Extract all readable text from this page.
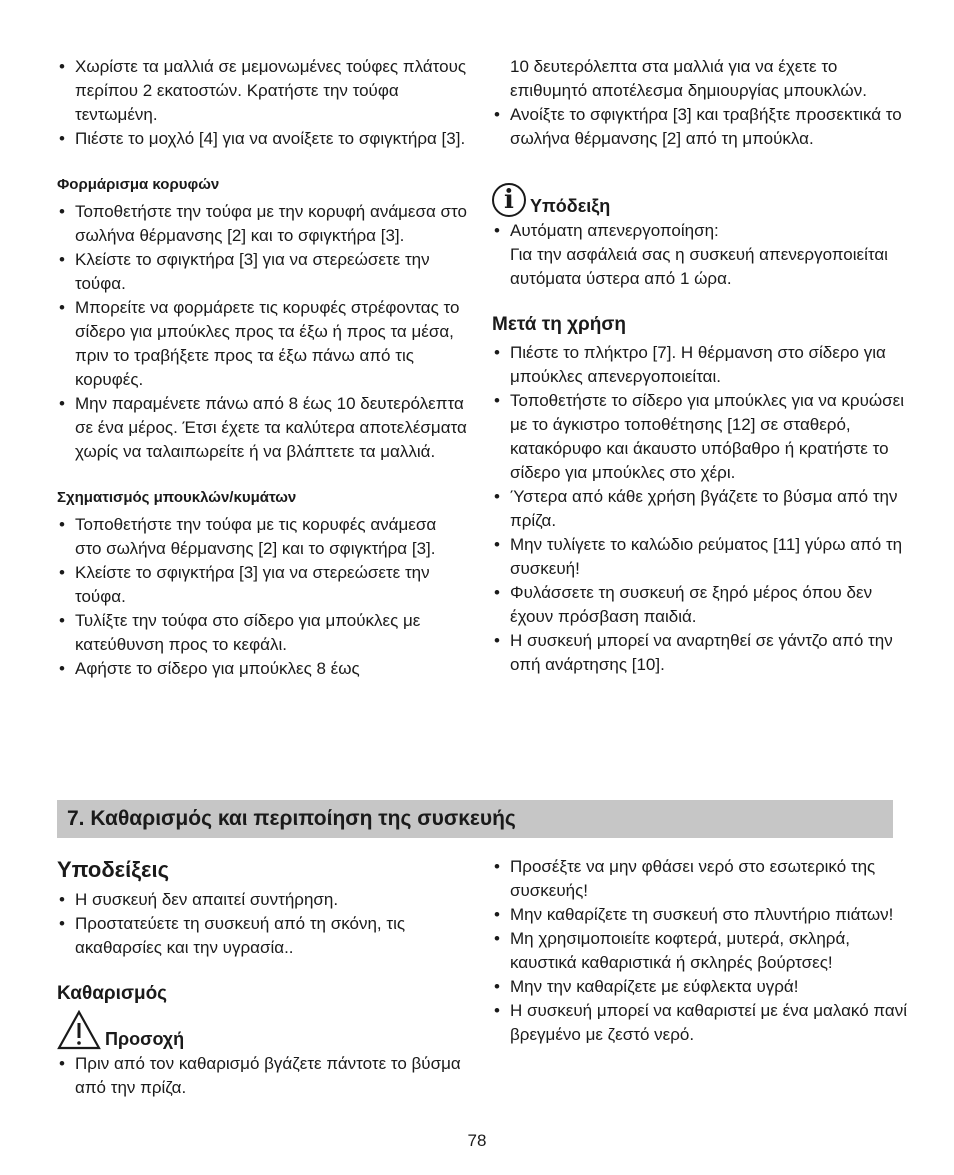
• Χωρίστε τα μαλλιά σε μεμονωμένες τούφες πλάτους περίπου 2 εκατοστών. Κρατήστε την τούφα τεντωμένη.
• Πιέστε το μοχλό [4] για να ανοίξετε το σφιγκτήρα [3].
Φορμάρισμα κορυφών
• Τοποθετήστε την τούφα με την κορυφή ανάμεσα στο σωλήνα θέρμανσης [2] και το σφιγκτήρα [3].
• Κλείστε το σφιγκτήρα [3] για να στερεώσετε την τούφα.
• Μπορείτε να φορμάρετε τις κορυφές στρέφοντας το σίδερο για μπούκλες προς τα έξω ή προς τα μέσα, πριν το τραβήξετε προς τα έξω πάνω από τις κορυφές.
• Μην παραμένετε πάνω από 8 έως 10 δευτερόλεπτα σε ένα μέρος. Έτσι έχετε τα καλύτερα αποτελέσματα χωρίς να ταλαιπωρείτε ή να βλάπτετε τα μαλλιά.
Σχηματισμός μπουκλών/κυμάτων
• Τοποθετήστε την τούφα με τις κορυφές ανάμεσα στο σωλήνα θέρμανσης [2] και το σφιγκτήρα [3].
• Κλείστε το σφιγκτήρα [3] για να στερεώσετε την τούφα.
• Τυλίξτε την τούφα στο σίδερο για μπούκλες με κατεύθυνση προς το κεφάλι.
• Αφήστε το σίδερο για μπούκλες 8 έως
10 δευτερόλεπτα στα μαλλιά για να έχετε το επιθυμητό αποτέλεσμα δημιουργίας μπουκλών.
• Ανοίξτε το σφιγκτήρα [3] και τραβήξτε προσεκτικά το σωλήνα θέρμανσης [2] από τη μπούκλα.
i Υπόδειξη
• Αυτόματη απενεργοποίηση:
Για την ασφάλειά σας η συσκευή απενεργοποιείται αυτόματα ύστερα από 1 ώρα.
Μετά τη χρήση
• Πιέστε το πλήκτρο [7]. Η θέρμανση στο σίδερο για μπούκλες απενεργοποιείται.
• Τοποθετήστε το σίδερο για μπούκλες για να κρυώσει με το άγκιστρο τοποθέτησης [12] σε σταθερό, κατακόρυφο και άκαυστο υπόβαθρο ή κρατήστε το σίδερο για μπούκλες στο χέρι.
• Ύστερα από κάθε χρήση βγάζετε το βύσμα από την πρίζα.
• Μην τυλίγετε το καλώδιο ρεύματος [11] γύρω από τη συσκευή!
• Φυλάσσετε τη συσκευή σε ξηρό μέρος όπου δεν έχουν πρόσβαση παιδιά.
• Η συσκευή μπορεί να αναρτηθεί σε γάντζο από την οπή ανάρτησης [10].
7. Καθαρισμός και περιποίηση της συσκευής
Υποδείξεις
• Η συσκευή δεν απαιτεί συντήρηση.
• Προστατεύετε τη συσκευή από τη σκόνη, τις ακαθαρσίες και την υγρασία..
Καθαρισμός
Προσοχή
• Πριν από τον καθαρισμό βγάζετε πάντοτε το βύσμα από την πρίζα.
• Προσέξτε να μην φθάσει νερό στο εσωτερικό της συσκευής!
• Μην καθαρίζετε τη συσκευή στο πλυντήριο πιάτων!
• Μη χρησιμοποιείτε κοφτερά, μυτερά, σκληρά, καυστικά καθαριστικά ή σκληρές βούρτσες!
• Μην την καθαρίζετε με εύφλεκτα υγρά!
• Η συσκευή μπορεί να καθαριστεί με ένα μαλακό πανί βρεγμένο με ζεστό νερό.
78
